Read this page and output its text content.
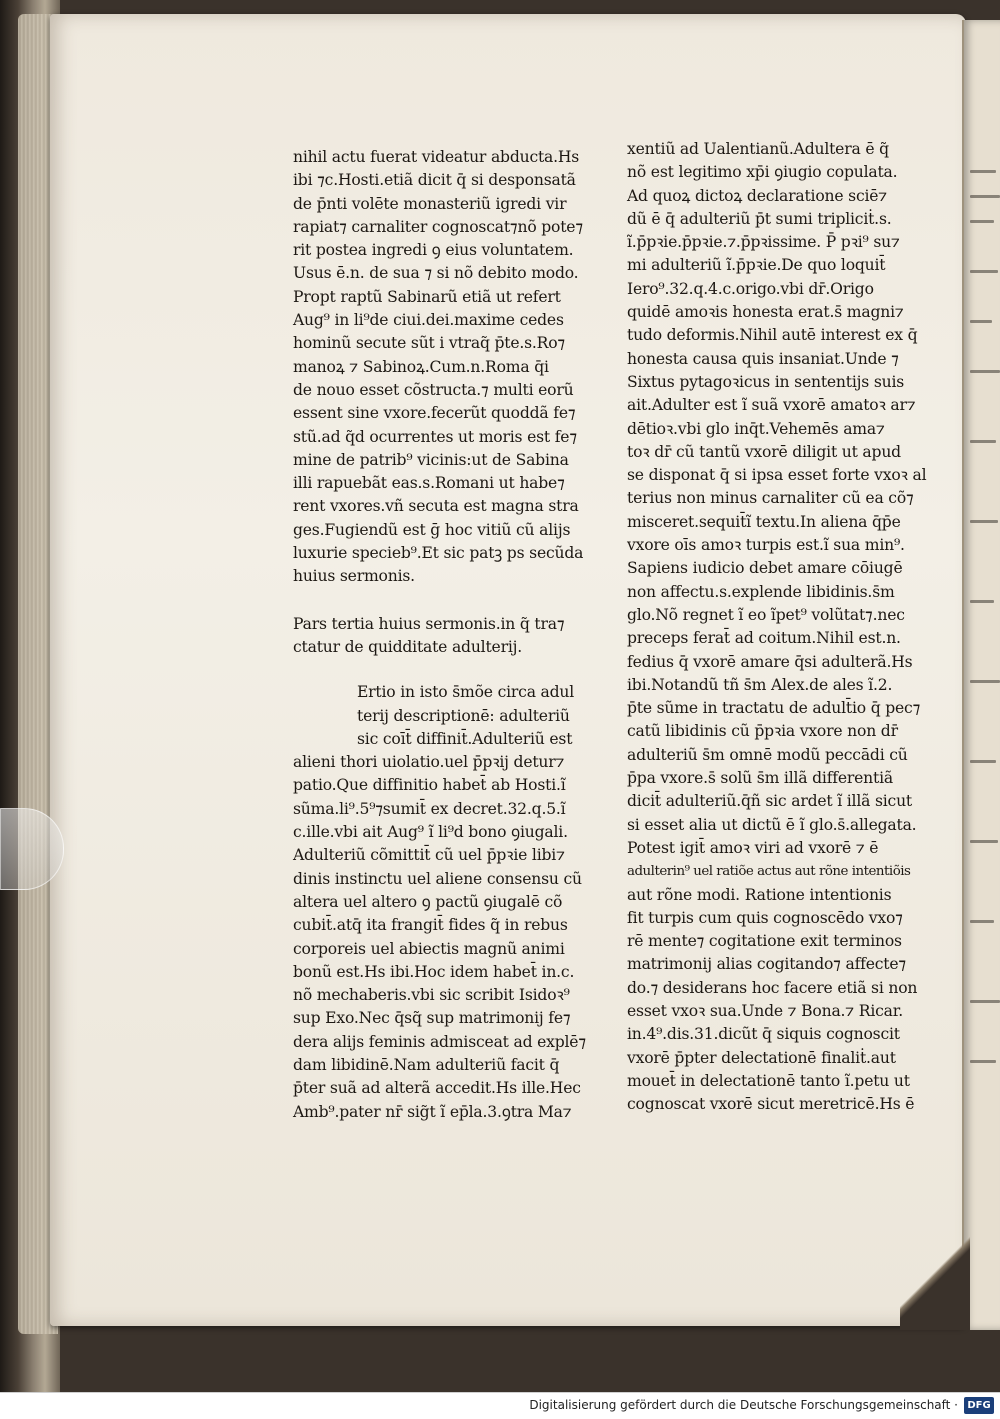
nihil actu fuerat videatur abducta.Hs
ibi ⁊c.Hosti.etiã dicit q̄ si desponsatã
de p̄nti volēte monasteriũ igredi vir
rapiat⁊ carnaliter cognoscat⁊nõ pote⁊
rit postea ingredi ꝯ eius voluntatem.
Usus ē.n. de sua ⁊ si nõ debito modo.
Propt raptũ Sabinarũ etiã ut refert
Aug⁹ in li⁹de ciui.dei.maxime cedes
hominũ secute sũt i vtraq̃ p̄te.s.Ro⁊
manoꝝ ⁊ Sabinoꝝ.Cum.n.Roma q̄i
de nouo esset cõstructa.⁊ multi eorũ
essent sine vxore.fecerũt quoddã fe⁊
stũ.ad q̃d ocurrentes ut moris est fe⁊
mine de patrib⁹ vicinis:ut de Sabina
illi rapuebãt eas.s.Romani ut habe⁊
rent vxores.vñ secuta est magna stra
ges.Fugiendũ est ḡ hoc vitiũ cũ alijs
luxurie specieb⁹.Et sic patꝫ ps secũda
huius sermonis.
Pars tertia huius sermonis.in q̃ tra⁊
ctatur de quidditate adulterij.
Ertio in isto s̄mõe circa adul
terij descriptionē: adulteriũ
sic coīt̄ diffinit̄.Adulteriũ est
alieni thori uiolatio.uel p̄pꝛij detur⁊
patio.Que diffinitio habet̄ ab Hosti.ĩ
sũma.li⁹.5⁹⁊sumit̄ ex decret.32.q.5.ĩ
c.ille.vbi ait Aug⁹ ĩ li⁹d bono ꝯiugali.
Adulteriũ cõmittit̄ cũ uel p̄pꝛie libi⁊
dinis instinctu uel aliene consensu cũ
altera uel altero ꝯ pactũ ꝯiugalē cõ
cubit̄.atq̄ ita frangit̄ fides q̃ in rebus
corporeis uel abiectis magnũ animi
bonũ est.Hs ibi.Hoc idem habet̄ in.c.
nõ mechaberis.vbi sic scribit Isidoꝛ⁹
sup Exo.Nec q̄sq̃ sup matrimonij fe⁊
dera alijs feminis admisceat ad explē⁊
dam libidinē.Nam adulteriũ facit q̄
p̄ter suã ad alterã accedit.Hs ille.Hec
Amb⁹.pater nr̄ sig̃t ĩ ep̄la.3.ꝯtra Ma⁊
xentiũ ad Ualentianũ.Adultera ē q̃
nõ est legitimo xp̄i ꝯiugio copulata.
Ad quoꝝ dictoꝝ declaratione sciē⁊
dũ ē q̄ adulteriũ p̄t sumi tripliciṫ.s.
ĩ.p̄pꝛie.p̄pꝛie.⁊.p̄pꝛissime. P̄ pꝛi⁹ su⁊
mi adulteriũ ĩ.p̄pꝛie.De quo loquit̄
Iero⁹.32.q.4.c.origo.vbi dr̄.Origo
quidē amoꝛis honesta erat.s̄ magni⁊
tudo deformis.Nihil autē interest ex q̄
honesta causa quis insaniat.Unde ⁊
Sixtus pytagoꝛicus in sententijs suis
ait.Adulter est ĩ suã vxorē amatoꝛ ar⁊
dētioꝛ.vbi glo inq̄t.Vehemēs ama⁊
toꝛ dr̄ cũ tantũ vxorē diligit ut apud
se disponat q̄ si ipsa esset forte vxoꝛ al
terius non minus carnaliter cũ ea cõ⁊
misceret.sequit̄ĩ textu.In aliena q̄p̄e
vxore oīs amoꝛ turpis est.ĩ sua min⁹.
Sapiens iudicio debet amare cōiugē
non affectu.s.explende libidinis.s̄m
glo.Nõ regnet ĩ eo ĩpet⁹ volũtat⁊.nec
preceps ferat̄ ad coitum.Nihil est.n.
fedius q̄ vxorē amare q̄si adulterã.Hs
ibi.Notandũ tñ s̄m Alex.de ales ĩ.2.
p̄te sũme in tractatu de adult̄io q̄ pec⁊
catũ libidinis cũ p̄pꝛia vxore non dr̄
adulteriũ s̄m omnē modũ peccādi cũ
p̄pa vxore.s̄ solũ s̄m illã differentiã
dicit̄ adulteriũ.q̄ñ sic ardet ĩ illã sicut
si esset alia ut dictũ ē ĩ glo.s̄.allegata.
Potest igit̄ amoꝛ viri ad vxorē ⁊ ē
adulterin⁹ uel ratiõe actus aut rõne intentiõis
aut rõne modi. Ratione intentionis
fit turpis cum quis cognoscēdo vxo⁊
rē mente⁊ cogitatione exit terminos
matrimonij alias cogitando⁊ affecte⁊
do.⁊ desiderans hoc facere etiã si non
esset vxoꝛ sua.Unde ⁊ Bona.⁊ Ricar.
in.4⁹.dis.31.dicũt q̄ siquis cognoscit
vxorē p̄pter delectationē finaliṫ.aut
mouet̄ in delectationē tanto ĩ.petu ut
cognoscat vxorē sicut meretricē.Hs ē
Digitalisierung gefördert durch die Deutsche Forschungsgemeinschaft · DFG
